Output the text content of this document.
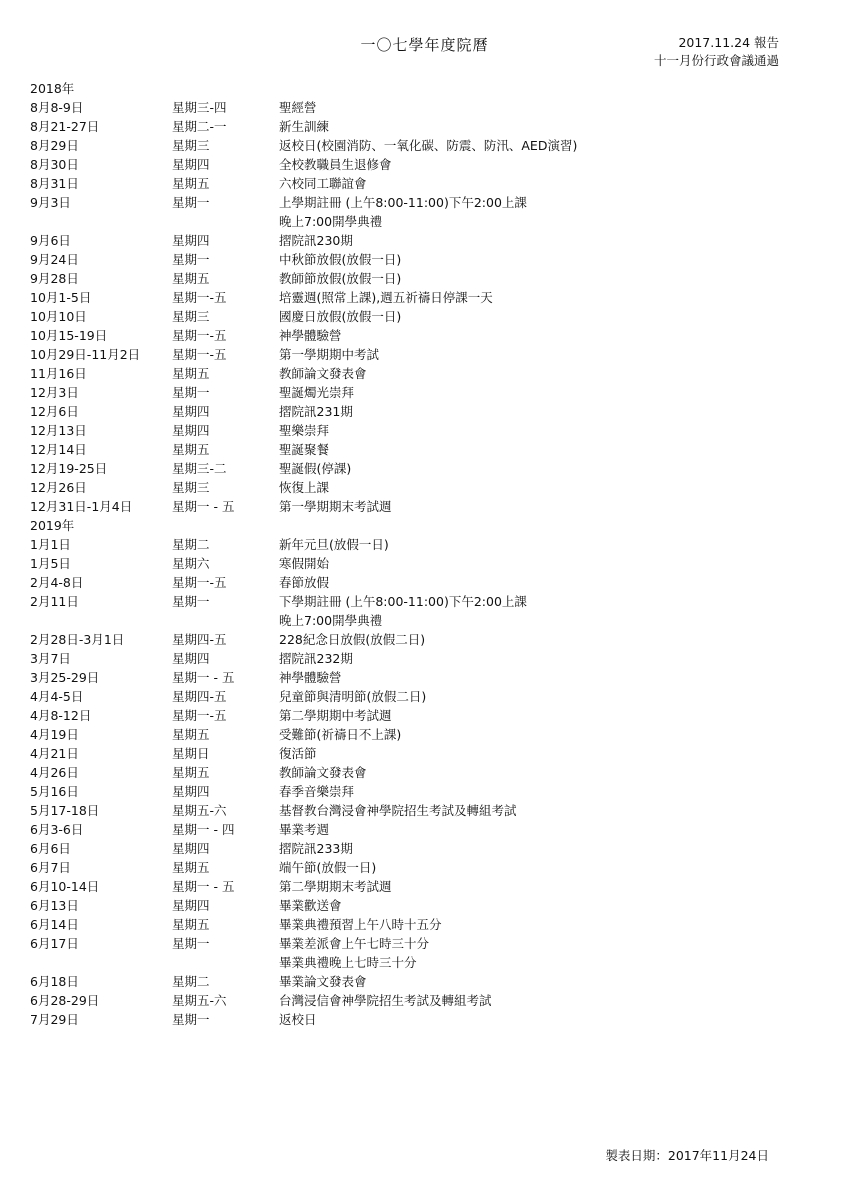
一〇七學年度院曆	2017.11.24 報告
十一月份行政會議通過
2018年
8月8-9日	星期三-四	聖經營
8月21-27日	星期二-一	新生訓練
8月29日	星期三	返校日(校園消防、一氧化碳、防震、防汛、AED演習)
8月30日	星期四	全校教職員生退修會
8月31日	星期五	六校同工聯誼會
9月3日	星期一	上學期註冊 (上午8:00-11:00)下午2:00上課
晚上7:00開學典禮
9月6日	星期四	摺院訊230期
9月24日	星期一	中秋節放假(放假一日)
9月28日	星期五	教師節放假(放假一日)
10月1-5日	星期一-五	培靈週(照常上課),週五祈禱日停課一天
10月10日	星期三	國慶日放假(放假一日)
10月15-19日	星期一-五	神學體驗營
10月29日-11月2日	星期一-五	第一學期期中考試
11月16日	星期五	教師論文發表會
12月3日	星期一	聖誕燭光崇拜
12月6日	星期四	摺院訊231期
12月13日	星期四	聖樂崇拜
12月14日	星期五	聖誕聚餐
12月19-25日	星期三-二	聖誕假(停課)
12月26日	星期三	恢復上課
12月31日-1月4日	星期一 - 五	第一學期期末考試週
2019年
1月1日	星期二	新年元旦(放假一日)
1月5日	星期六	寒假開始
2月4-8日	星期一-五	春節放假
2月11日	星期一	下學期註冊 (上午8:00-11:00)下午2:00上課
晚上7:00開學典禮
2月28日-3月1日	星期四-五	228紀念日放假(放假二日)
3月7日	星期四	摺院訊232期
3月25-29日	星期一 - 五	神學體驗營
4月4-5日	星期四-五	兒童節與清明節(放假二日)
4月8-12日	星期一-五	第二學期期中考試週
4月19日	星期五	受難節(祈禱日不上課)
4月21日	星期日	復活節
4月26日	星期五	教師論文發表會
5月16日	星期四	春季音樂崇拜
5月17-18日	星期五-六	基督教台灣浸會神學院招生考試及轉組考試
6月3-6日	星期一 - 四	畢業考週
6月6日	星期四	摺院訊233期
6月7日	星期五	端午節(放假一日)
6月10-14日	星期一 - 五	第二學期期末考試週
6月13日	星期四	畢業歡送會
6月14日	星期五	畢業典禮預習上午八時十五分
6月17日	星期一	畢業差派會上午七時三十分
畢業典禮晚上七時三十分
6月18日	星期二	畢業論文發表會
6月28-29日	星期五-六	台灣浸信會神學院招生考試及轉組考試
7月29日	星期一	返校日
製表日期：2017年11月24日
